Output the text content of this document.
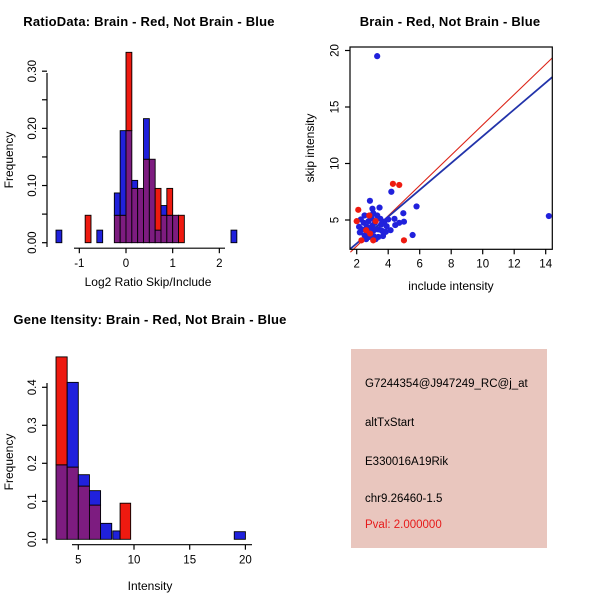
RatioData: Brain - Red, Not Brain - Blue
Log2 Ratio Skip/Include
Frequency
0.00
0.10
0.20
0.30
-1	0	1	2
Brain - Red, Not Brain - Blue
include intensity
skip intensity
2 4 6 8 10 12 14
5
10
15
20
Gene Itensity: Brain - Red, Not Brain - Blue
Intensity
Frequency
0.0
0.1
0.2
0.3
0.4
5	10	15	20
G7244354@J947249_RC@j_at
altTxStart
E330016A19Rik
chr9.26460-1.5
Pval: 2.000000
